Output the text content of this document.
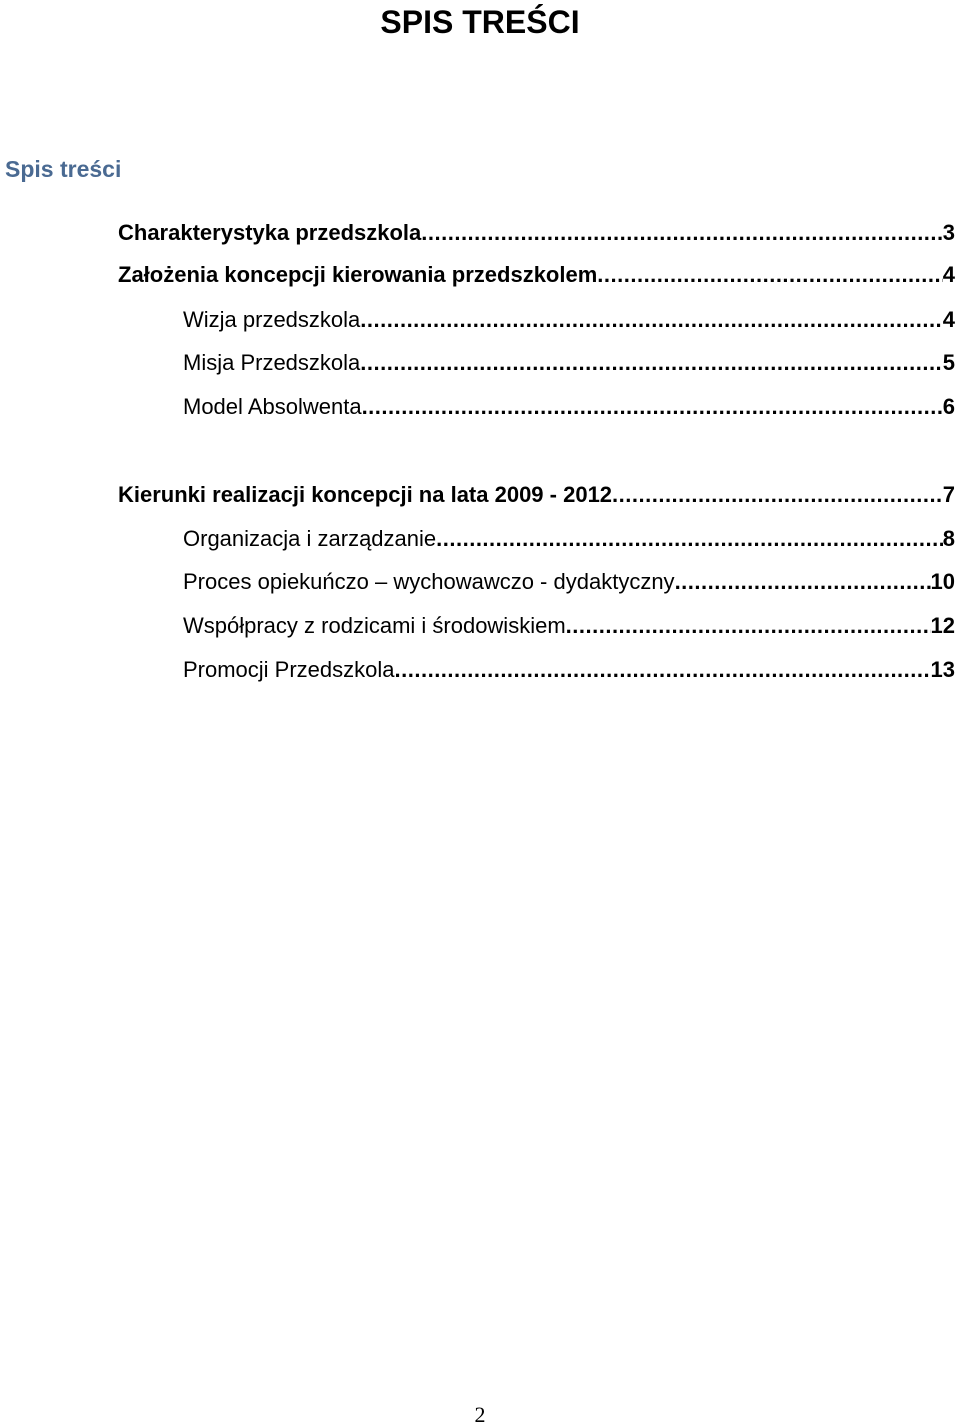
SPIS TREŚCI
Spis treści
Charakterystyka przedszkola .....	3
Założenia koncepcji kierowania przedszkolem .....	4
Wizja przedszkola .....	4
Misja Przedszkola .....	5
Model Absolwenta .....	6
Kierunki realizacji koncepcji na lata 2009 - 2012 .....	7
Organizacja i zarządzanie .....	8
Proces opiekuńczo – wychowawczo - dydaktyczny .....	10
Współpracy z rodzicami i środowiskiem .....	12
Promocji Przedszkola .....	13
2
